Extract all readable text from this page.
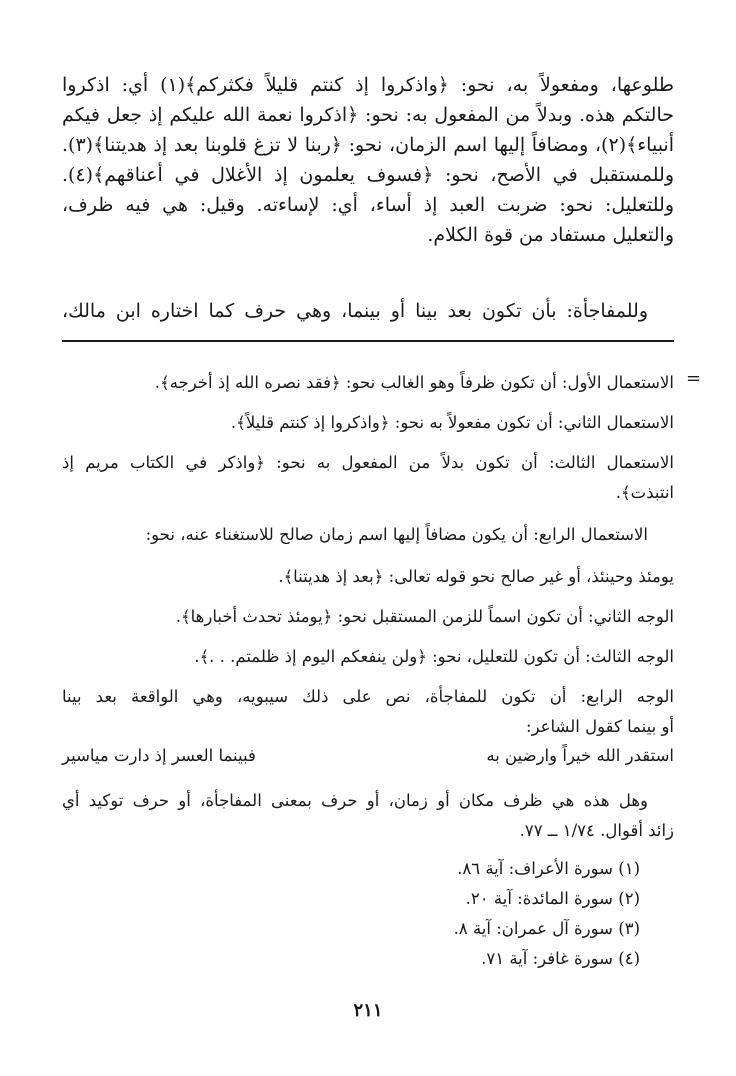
طلوعها، ومفعولاً به، نحو: ﴿واذكروا إذ كنتم قليلاً فكثركم﴾(١) أي: اذكروا

حالتكم هذه. وبدلاً من المفعول به: نحو: ﴿اذكروا نعمة الله عليكم إذ جعل فيكم

أنبياء﴾(٢)، ومضافاً إليها اسم الزمان، نحو: ﴿ربنا لا تزغ قلوبنا بعد إذ هديتنا﴾(٣).

وللمستقبل في الأصح، نحو: ﴿فسوف يعلمون إذ الأغلال في أعناقهم﴾(٤).

وللتعليل: نحو: ضربت العبد إذ أساء، أي: لإساءته. وقيل: هي فيه ظرف،

والتعليل مستفاد من قوة الكلام.

وللمفاجأة: بأن تكون بعد بينا أو بينما، وهي حرف كما اختاره ابن مالك،

=

الاستعمال الأول: أن تكون ظرفاً وهو الغالب نحو: ﴿فقد نصره الله إذ أخرجه﴾.

الاستعمال الثاني: أن تكون مفعولاً به نحو: ﴿واذكروا إذ كنتم قليلاً﴾.

الاستعمال الثالث: أن تكون بدلاً من المفعول به نحو: ﴿واذكر في الكتاب مريم إذ

انتبذت﴾.

الاستعمال الرابع: أن يكون مضافاً إليها اسم زمان صالح للاستغناء عنه، نحو:

يومئذ وحينئذ، أو غير صالح نحو قوله تعالى: ﴿بعد إذ هديتنا﴾.

الوجه الثاني: أن تكون اسماً للزمن المستقبل نحو: ﴿يومئذ تحدث أخبارها﴾.

الوجه الثالث: أن تكون للتعليل، نحو: ﴿ولن ينفعكم اليوم إذ ظلمتم. . .﴾.

الوجه الرابع: أن تكون للمفاجأة، نص على ذلك سيبويه، وهي الواقعة بعد بينا

أو بينما كقول الشاعر:

استقدر الله خيراً وارضين به
فبينما العسر إذ دارت مياسير

وهل هذه هي ظرف مكان أو زمان، أو حرف بمعنى المفاجأة، أو حرف توكيد أي

زائد أقوال. ١/٧٤ ــ ٧٧.

(١) سورة الأعراف: آية ٨٦.

(٢) سورة المائدة: آية ٢٠.

(٣) سورة آل عمران: آية ٨.

(٤) سورة غافر: آية ٧١.

٢١١
